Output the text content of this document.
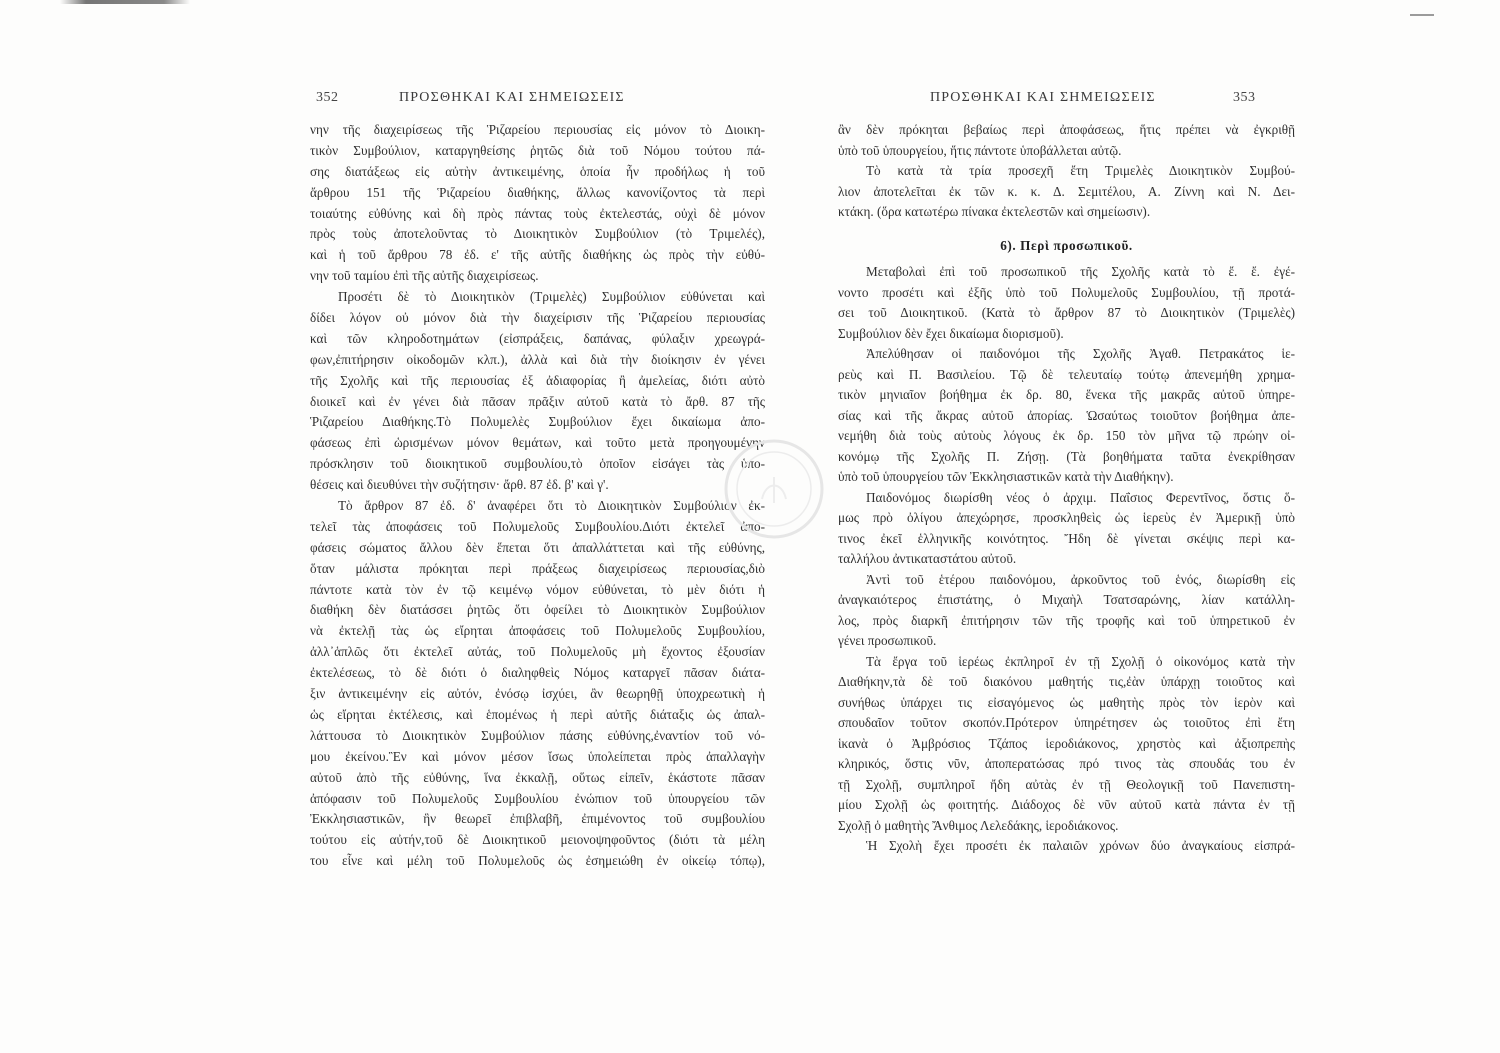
352	ΠΡΟΣΘΗΚΑΙ ΚΑΙ ΣΗΜΕΙΩΣΕΙΣ
νην τῆς διαχειρίσεως τῆς Ῥιζαρείου περιουσίας εἰς μόνον τὸ Διοικη-
τικὸν Συμβούλιον, καταργηθείσης ῥητῶς διὰ τοῦ Νόμου τούτου πά-
σης διατάξεως εἰς αὐτὴν ἀντικειμένης, ὁποία ἦν προδήλως ἡ τοῦ
ἄρθρου 151 τῆς Ῥιζαρείου διαθήκης, ἄλλως κανονίζοντος τὰ περὶ
τοιαύτης εὐθύνης καὶ δὴ πρὸς πάντας τοὺς ἐκτελεστάς, οὐχὶ δὲ μόνον
πρὸς τοὺς ἀποτελοῦντας τὸ Διοικητικὸν Συμβούλιον (τὸ Τριμελές),
καὶ ἡ τοῦ ἄρθρου 78 ἐδ. ε' τῆς αὐτῆς διαθήκης ὡς πρὸς τὴν εὐθύ-
νην τοῦ ταμίου ἐπὶ τῆς αὐτῆς διαχειρίσεως.
Προσέτι δὲ τὸ Διοικητικὸν (Τριμελὲς) Συμβούλιον εὐθύνεται καὶ
δίδει λόγον οὐ μόνον διὰ τὴν διαχείρισιν τῆς Ῥιζαρείου περιουσίας
καὶ τῶν κληροδοτημάτων (εἰσπράξεις, δαπάνας, φύλαξιν χρεωγρά-
φων,ἐπιτήρησιν οἰκοδομῶν κλπ.), ἀλλὰ καὶ διὰ τὴν διοίκησιν ἐν γένει
τῆς Σχολῆς καὶ τῆς περιουσίας ἐξ ἀδιαφορίας ἢ ἀμελείας, διότι αὐτὸ
διοικεῖ καὶ ἐν γένει διὰ πᾶσαν πρᾶξιν αὐτοῦ κατὰ τὸ ἄρθ. 87 τῆς
Ῥιζαρείου Διαθήκης.Τὸ Πολυμελὲς Συμβούλιον ἔχει δικαίωμα ἀπο-
φάσεως ἐπὶ ὡρισμένων μόνον θεμάτων, καὶ τοῦτο μετὰ προηγουμένην
πρόσκλησιν τοῦ διοικητικοῦ συμβουλίου,τὸ ὁποῖον εἰσάγει τὰς ὑπο-
θέσεις καὶ διευθύνει τὴν συζήτησιν· ἄρθ. 87 ἐδ. β' καὶ γ'.
Τὸ ἄρθρον 87 ἐδ. δ' ἀναφέρει ὅτι τὸ Διοικητικὸν Συμβούλιον ἐκ-
τελεῖ τὰς ἀποφάσεις τοῦ Πολυμελοῦς Συμβουλίου.Διότι ἐκτελεῖ ἀπο-
φάσεις σώματος ἄλλου δὲν ἕπεται ὅτι ἀπαλλάττεται καὶ τῆς εὐθύνης,
ὅταν μάλιστα πρόκηται περὶ πράξεως διαχειρίσεως περιουσίας,διὸ
πάντοτε κατὰ τὸν ἐν τῷ κειμένῳ νόμον εὐθύνεται, τὸ μὲν διότι ἡ
διαθήκη δὲν διατάσσει ῥητῶς ὅτι ὀφείλει τὸ Διοικητικὸν Συμβούλιον
νὰ ἐκτελῇ τὰς ὡς εἴρηται ἀποφάσεις τοῦ Πολυμελοῦς Συμβουλίου,
ἀλλ᾽ἁπλῶς ὅτι ἐκτελεῖ αὐτάς, τοῦ Πολυμελοῦς μὴ ἔχοντος ἐξουσίαν
ἐκτελέσεως, τὸ δὲ διότι ὁ διαληφθεὶς Νόμος καταργεῖ πᾶσαν διάτα-
ξιν ἀντικειμένην εἰς αὐτόν, ἐνόσῳ ἰσχύει, ἂν θεωρηθῇ ὑποχρεωτικὴ ἡ
ὡς εἴρηται ἐκτέλεσις, καὶ ἑπομένως ἡ περὶ αὐτῆς διάταξις ὡς ἀπαλ-
λάττουσα τὸ Διοικητικὸν Συμβούλιον πάσης εὐθύνης,ἐναντίον τοῦ νό-
μου ἐκείνου.Ἓν καὶ μόνον μέσον ἴσως ὑπολείπεται πρὸς ἀπαλλαγὴν
αὐτοῦ ἀπὸ τῆς εὐθύνης, ἵνα ἐκκαλῇ, οὕτως εἰπεῖν, ἑκάστοτε πᾶσαν
ἀπόφασιν τοῦ Πολυμελοῦς Συμβουλίου ἐνώπιον τοῦ ὑπουργείου τῶν
Ἐκκλησιαστικῶν, ἣν θεωρεῖ ἐπιβλαβῆ, ἐπιμένοντος τοῦ συμβουλίου
τούτου εἰς αὐτήν,τοῦ δὲ Διοικητικοῦ μειονοψηφοῦντος (διότι τὰ μέλη
του εἶνε καὶ μέλη τοῦ Πολυμελοῦς ὡς ἐσημειώθη ἐν οἰκείῳ τόπῳ),
ΠΡΟΣΘΗΚΑΙ ΚΑΙ ΣΗΜΕΙΩΣΕΙΣ	353
ἂν δὲν πρόκηται βεβαίως περὶ ἀποφάσεως, ἥτις πρέπει νὰ ἐγκριθῇ
ὑπὸ τοῦ ὑπουργείου, ἥτις πάντοτε ὑποβάλλεται αὐτῷ.
Τὸ κατὰ τὰ τρία προσεχῆ ἔτη Τριμελὲς Διοικητικὸν Συμβού-
λιον ἀποτελεῖται ἐκ τῶν κ. κ. Δ. Σεμιτέλου, Α. Ζίννη καὶ Ν. Δει-
κτάκη. (ὅρα κατωτέρω πίνακα ἐκτελεστῶν καὶ σημείωσιν).
6). Περὶ προσωπικοῦ.
Μεταβολαὶ ἐπὶ τοῦ προσωπικοῦ τῆς Σχολῆς κατὰ τὸ ἔ. ἔ. ἐγέ-
νοντο προσέτι καὶ ἐξῆς ὑπὸ τοῦ Πολυμελοῦς Συμβουλίου, τῇ προτά-
σει τοῦ Διοικητικοῦ. (Κατὰ τὸ ἄρθρον 87 τὸ Διοικητικὸν (Τριμελὲς)
Συμβούλιον δὲν ἔχει δικαίωμα διορισμοῦ).
Ἀπελύθησαν οἱ παιδονόμοι τῆς Σχολῆς Ἀγαθ. Πετρακάτος ἱε-
ρεὺς καὶ Π. Βασιλείου. Τῷ δὲ τελευταίῳ τούτῳ ἀπενεμήθη χρημα-
τικὸν μηνιαῖον βοήθημα ἐκ δρ. 80, ἕνεκα τῆς μακρᾶς αὐτοῦ ὑπηρε-
σίας καὶ τῆς ἄκρας αὐτοῦ ἀπορίας. Ὡσαύτως τοιοῦτον βοήθημα ἀπε-
νεμήθη διὰ τοὺς αὐτοὺς λόγους ἐκ δρ. 150 τὸν μῆνα τῷ πρώην οἰ-
κονόμῳ τῆς Σχολῆς Π. Ζήσῃ. (Τὰ βοηθήματα ταῦτα ἐνεκρίθησαν
ὑπὸ τοῦ ὑπουργείου τῶν Ἐκκλησιαστικῶν κατὰ τὴν Διαθήκην).
Παιδονόμος διωρίσθη νέος ὁ ἀρχιμ. Παΐσιος Φερεντῖνος, ὅστις ὅ-
μως πρὸ ὀλίγου ἀπεχώρησε, προσκληθεὶς ὡς ἱερεὺς ἐν Ἀμερικῇ ὑπὸ
τινος ἐκεῖ ἑλληνικῆς κοινότητος. Ἤδη δὲ γίνεται σκέψις περὶ κα-
ταλλήλου ἀντικαταστάτου αὐτοῦ.
Ἀντὶ τοῦ ἑτέρου παιδονόμου, ἀρκοῦντος τοῦ ἑνός, διωρίσθη εἰς
ἀναγκαιότερος ἐπιστάτης, ὁ Μιχαὴλ Τσατσαρώνης, λίαν κατάλλη-
λος, πρὸς διαρκῆ ἐπιτήρησιν τῶν τῆς τροφῆς καὶ τοῦ ὑπηρετικοῦ ἐν
γένει προσωπικοῦ.
Τὰ ἔργα τοῦ ἱερέως ἐκπληροῖ ἐν τῇ Σχολῇ ὁ οἰκονόμος κατὰ τὴν
Διαθήκην,τὰ δὲ τοῦ διακόνου μαθητής τις,ἐὰν ὑπάρχῃ τοιοῦτος καὶ
συνήθως ὑπάρχει τις εἰσαγόμενος ὡς μαθητὴς πρὸς τὸν ἱερὸν καὶ
σπουδαῖον τοῦτον σκοπόν.Πρότερον ὑπηρέτησεν ὡς τοιοῦτος ἐπὶ ἔτη
ἱκανὰ ὁ Ἀμβρόσιος Τζάπος ἱεροδιάκονος, χρηστὸς καὶ ἀξιοπρεπὴς
κληρικός, ὅστις νῦν, ἀποπερατώσας πρό τινος τὰς σπουδάς του ἐν
τῇ Σχολῇ, συμπληροῖ ἤδη αὐτὰς ἐν τῇ Θεολογικῇ τοῦ Πανεπιστη-
μίου Σχολῇ ὡς φοιτητής. Διάδοχος δὲ νῦν αὐτοῦ κατὰ πάντα ἐν τῇ
Σχολῇ ὁ μαθητὴς Ἄνθιμος Λελεδάκης, ἱεροδιάκονος.
Ἡ Σχολὴ ἔχει προσέτι ἐκ παλαιῶν χρόνων δύο ἀναγκαίους εἰσπρά-
